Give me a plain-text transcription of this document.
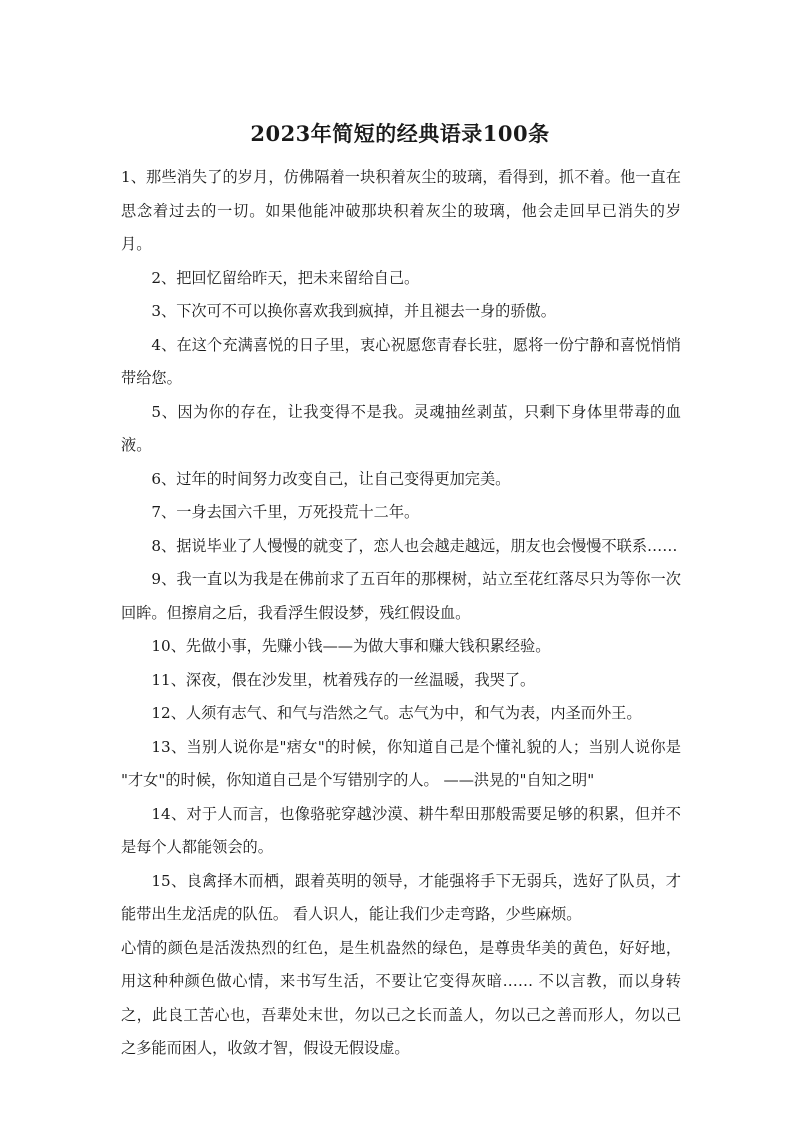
2023年简短的经典语录100条

1、那些消失了的岁月，仿佛隔着一块积着灰尘的玻璃，看得到，抓不着。他一直在思念着过去的一切。如果他能冲破那块积着灰尘的玻璃，他会走回早已消失的岁月。

2、把回忆留给昨天，把未来留给自己。

3、下次可不可以换你喜欢我到疯掉，并且褪去一身的骄傲。

4、在这个充满喜悦的日子里，衷心祝愿您青春长驻，愿将一份宁静和喜悦悄悄带给您。

5、因为你的存在，让我变得不是我。灵魂抽丝剥茧，只剩下身体里带毒的血液。

6、过年的时间努力改变自己，让自己变得更加完美。

7、一身去国六千里，万死投荒十二年。

8、据说毕业了人慢慢的就变了，恋人也会越走越远，朋友也会慢慢不联系……

9、我一直以为我是在佛前求了五百年的那棵树，站立至花红落尽只为等你一次回眸。但擦肩之后，我看浮生假设梦，残红假设血。

10、先做小事，先赚小钱——为做大事和赚大钱积累经验。

11、深夜，偎在沙发里，枕着残存的一丝温暖，我哭了。

12、人须有志气、和气与浩然之气。志气为中，和气为表，内圣而外王。

13、当别人说你是"痞女"的时候，你知道自己是个懂礼貌的人；当别人说你是 "才女"的时候，你知道自己是个写错别字的人。 ——洪晃的"自知之明"

14、对于人而言，也像骆驼穿越沙漠、耕牛犁田那般需要足够的积累，但并不是每个人都能领会的。

15、良禽择木而栖，跟着英明的领导，才能强将手下无弱兵，选好了队员，才能带出生龙活虎的队伍。 看人识人，能让我们少走弯路，少些麻烦。

心情的颜色是活泼热烈的红色，是生机盎然的绿色，是尊贵华美的黄色，好好地，用这种种颜色做心情，来书写生活，不要让它变得灰暗…… 不以言教，而以身转之，此良工苦心也，吾辈处末世，勿以己之长而盖人，勿以己之善而形人，勿以己之多能而困人，收敛才智，假设无假设虚。
